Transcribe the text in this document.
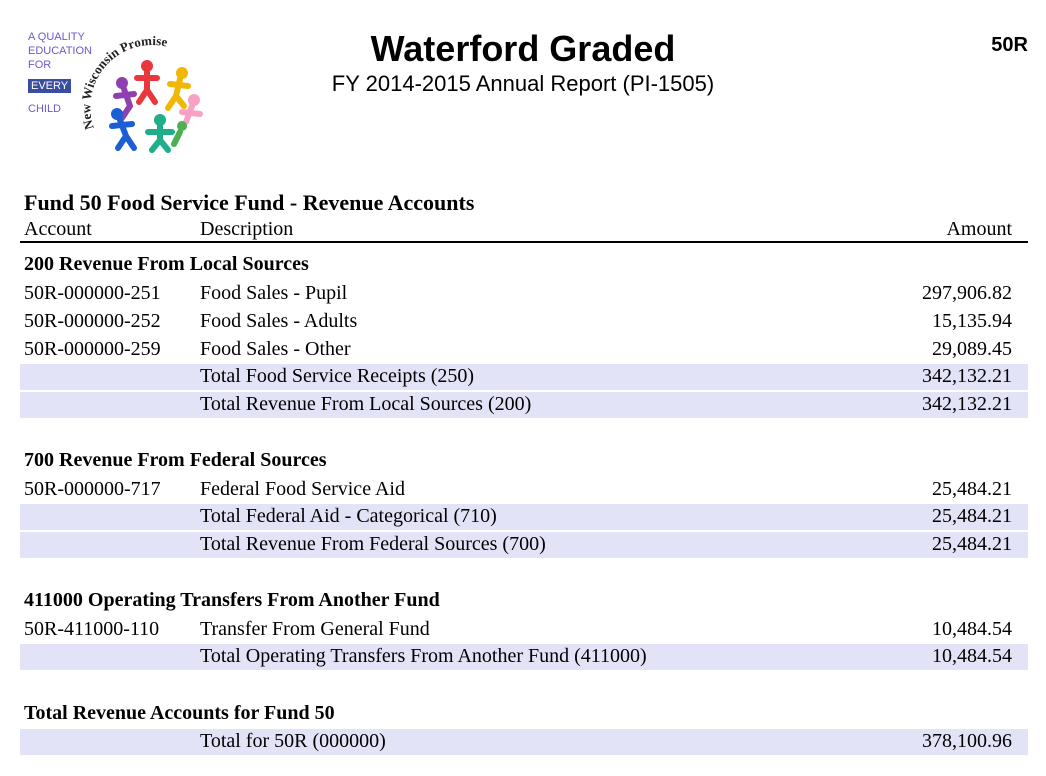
A QUALITY
EDUCATION
FOR
EVERY
CHILD
New Wisconsin Promise	Waterford Graded
FY 2014-2015 Annual Report (PI-1505)
50R
Fund 50 Food Service Fund - Revenue Accounts
Account	Description	Amount
200 Revenue From Local Sources
50R-000000-251 Food Sales - Pupil	297,906.82
50R-000000-252 Food Sales - Adults	15,135.94
50R-000000-259 Food Sales - Other	29,089.45
Total Food Service Receipts (250)	342,132.21
Total Revenue From Local Sources (200)	342,132.21
700 Revenue From Federal Sources
50R-000000-717 Federal Food Service Aid	25,484.21
Total Federal Aid - Categorical (710)	25,484.21
Total Revenue From Federal Sources (700)	25,484.21
411000 Operating Transfers From Another Fund
50R-411000-110 Transfer From General Fund	10,484.54
Total Operating Transfers From Another Fund (411000)	10,484.54
Total Revenue Accounts for Fund 50
Total for 50R (000000)	378,100.96
